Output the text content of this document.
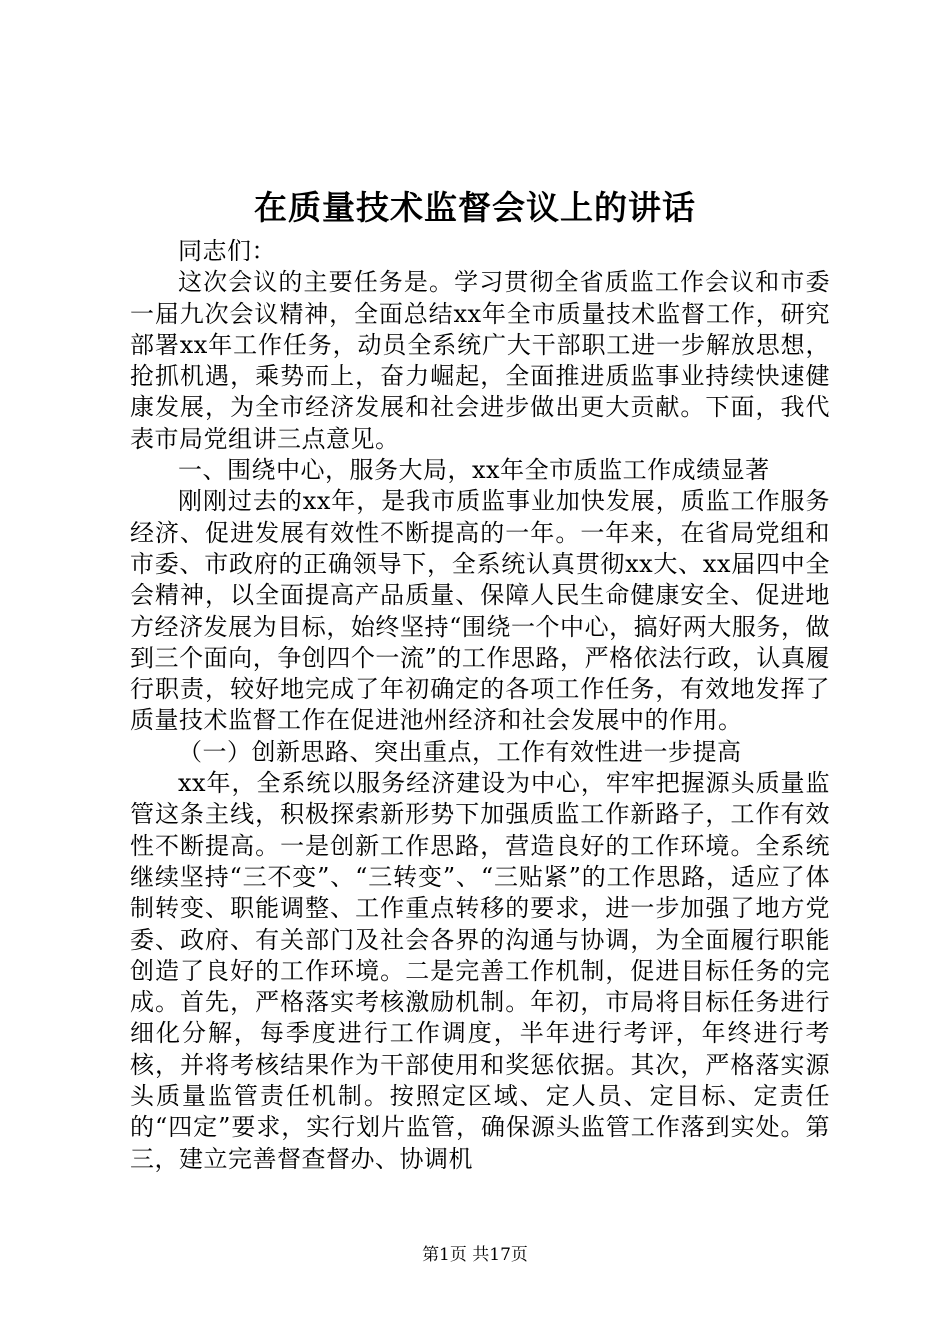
在质量技术监督会议上的讲话

同志们：

这次会议的主要任务是。学习贯彻全省质监工作会议和市委一届九次会议精神，全面总结xx年全市质量技术监督工作，研究部署xx年工作任务，动员全系统广大干部职工进一步解放思想，抢抓机遇，乘势而上，奋力崛起，全面推进质监事业持续快速健康发展，为全市经济发展和社会进步做出更大贡献。下面，我代表市局党组讲三点意见。

一、围绕中心，服务大局，xx年全市质监工作成绩显著

刚刚过去的xx年，是我市质监事业加快发展，质监工作服务经济、促进发展有效性不断提高的一年。一年来，在省局党组和市委、市政府的正确领导下，全系统认真贯彻xx大、xx届四中全会精神，以全面提高产品质量、保障人民生命健康安全、促进地方经济发展为目标，始终坚持“围绕一个中心，搞好两大服务，做到三个面向，争创四个一流”的工作思路，严格依法行政，认真履行职责，较好地完成了年初确定的各项工作任务，有效地发挥了质量技术监督工作在促进池州经济和社会发展中的作用。

（一）创新思路、突出重点，工作有效性进一步提高

xx年，全系统以服务经济建设为中心，牢牢把握源头质量监管这条主线，积极探索新形势下加强质监工作新路子，工作有效性不断提高。一是创新工作思路，营造良好的工作环境。全系统继续坚持“三不变”、“三转变”、“三贴紧”的工作思路，适应了体制转变、职能调整、工作重点转移的要求，进一步加强了地方党委、政府、有关部门及社会各界的沟通与协调，为全面履行职能创造了良好的工作环境。二是完善工作机制，促进目标任务的完成。首先，严格落实考核激励机制。年初，市局将目标任务进行细化分解，每季度进行工作调度，半年进行考评，年终进行考核，并将考核结果作为干部使用和奖惩依据。其次，严格落实源头质量监管责任机制。按照定区域、定人员、定目标、定责任的“四定”要求，实行划片监管，确保源头监管工作落到实处。第三，建立完善督查督办、协调机

第1页 共17页
